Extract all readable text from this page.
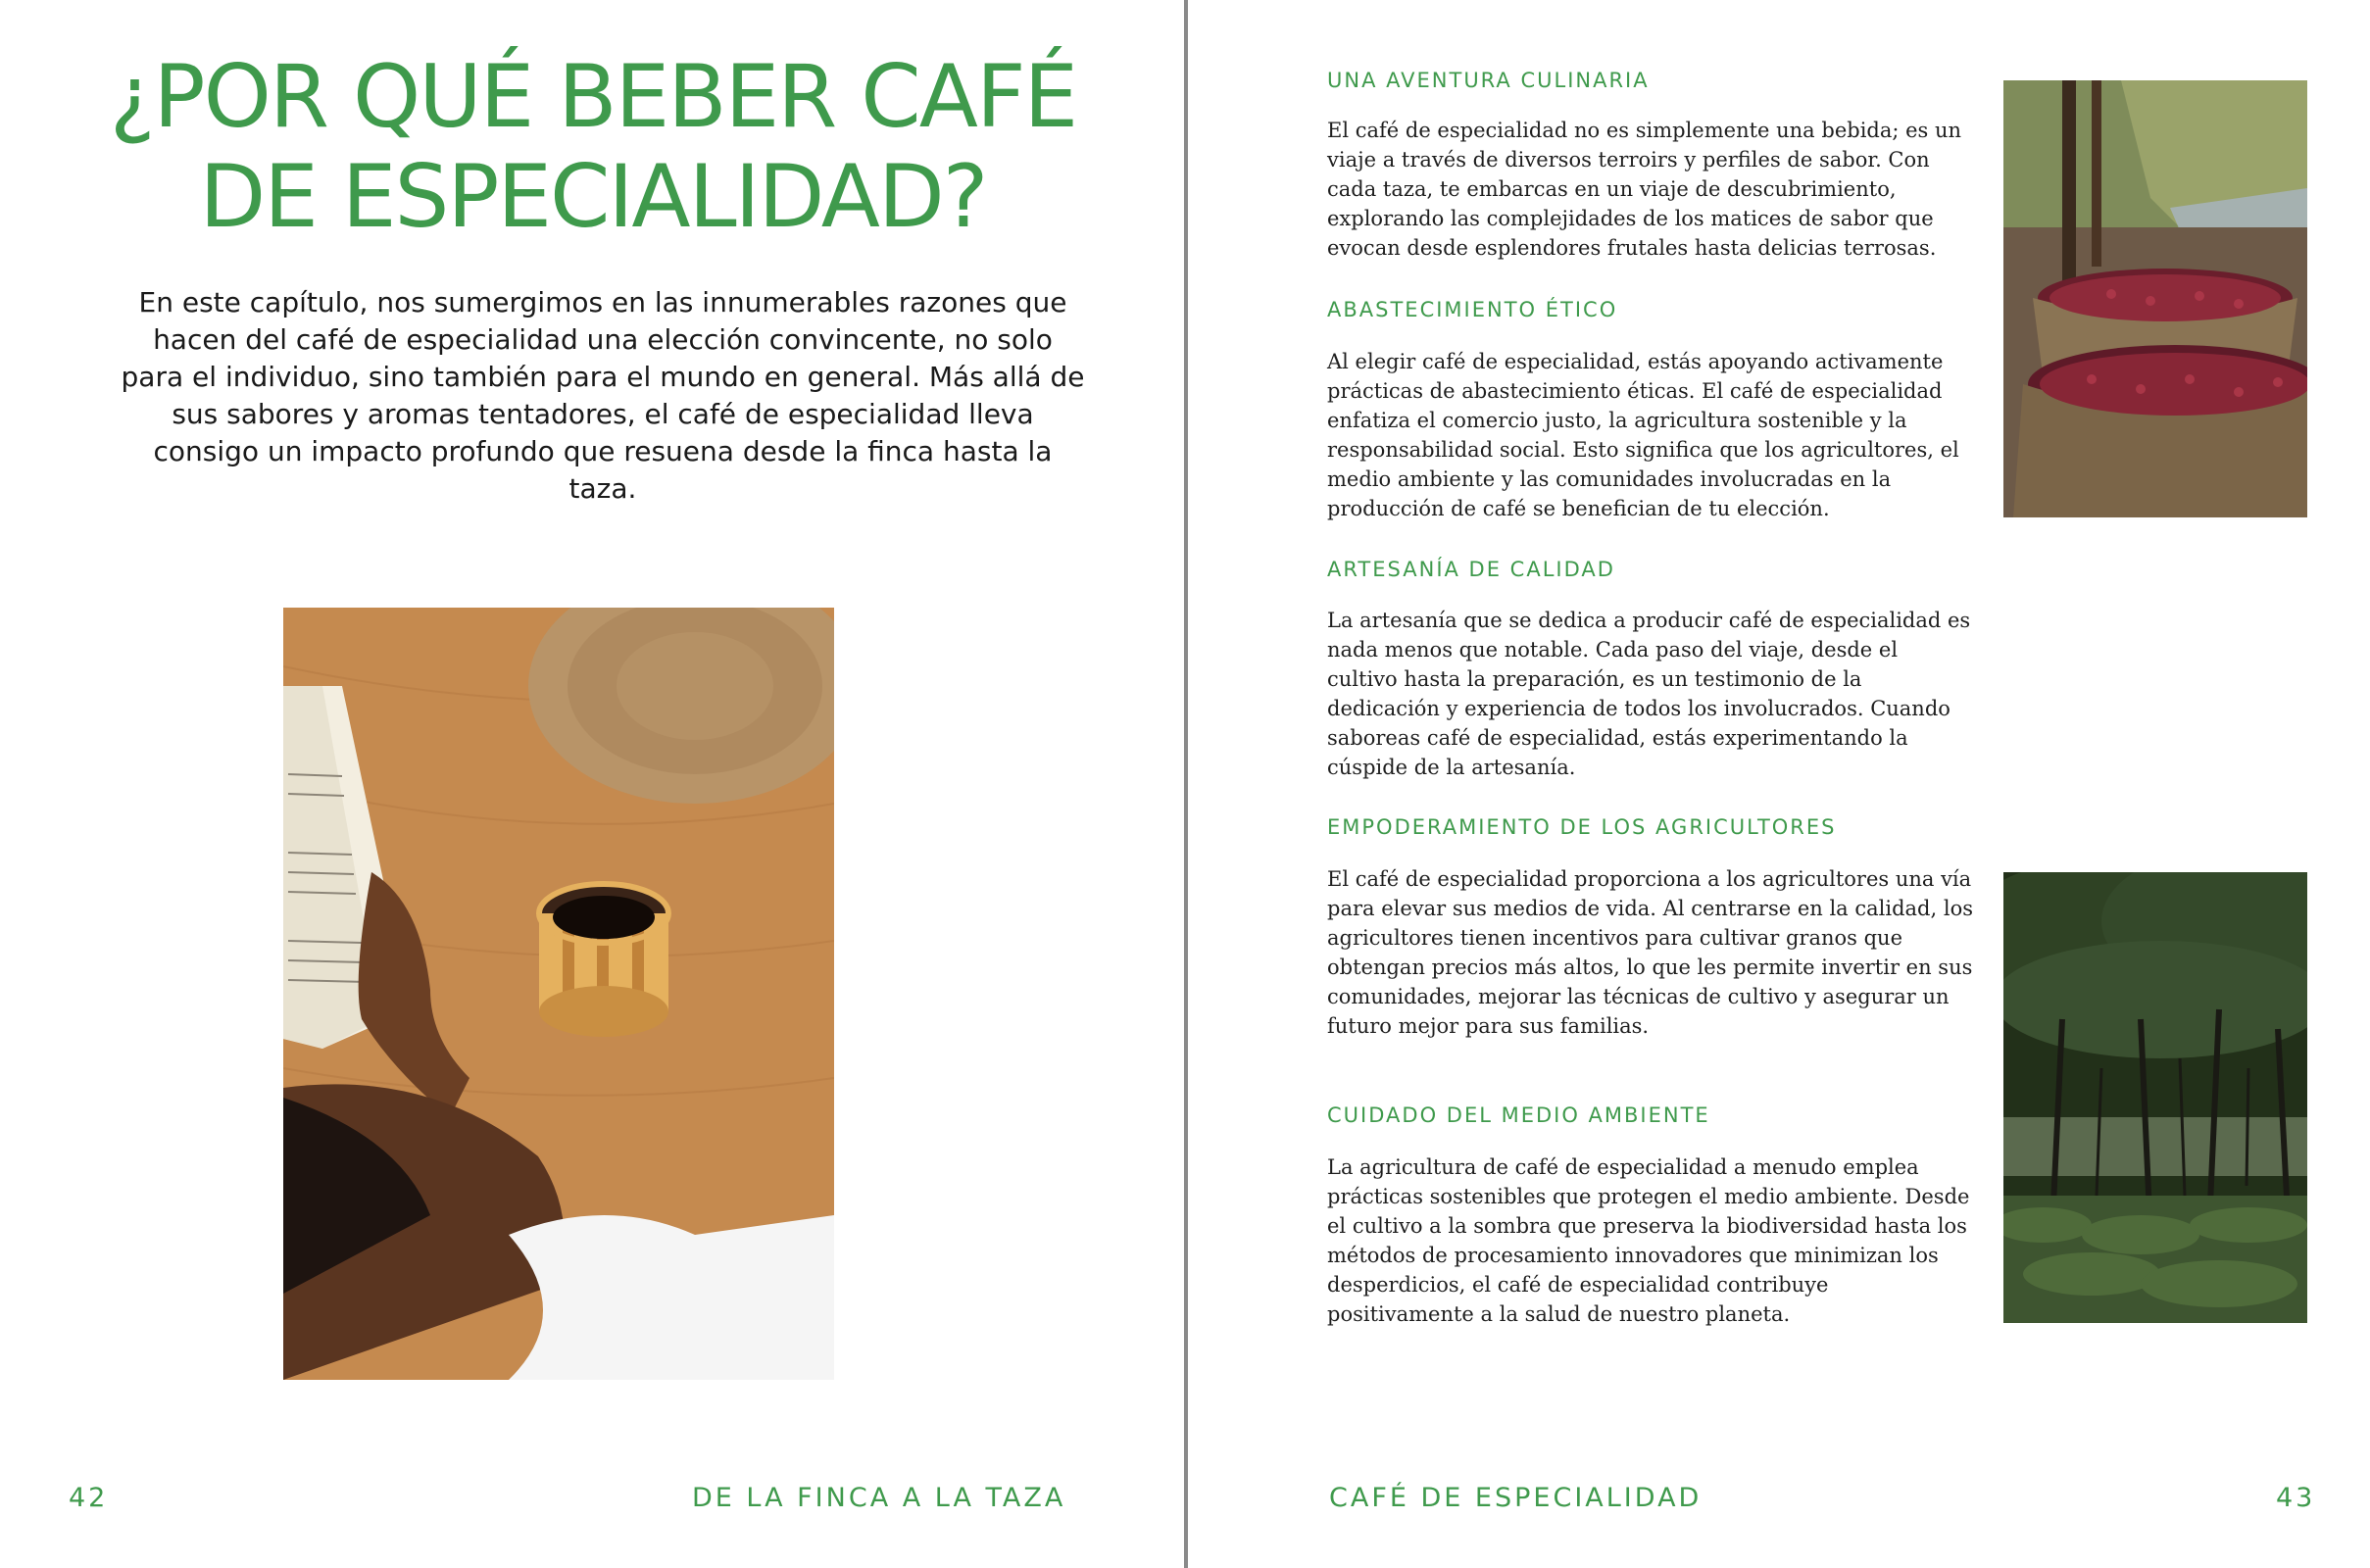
¿POR QUÉ BEBER CAFÉ DE ESPECIALIDAD?

En este capítulo, nos sumergimos en las innumerables razones que hacen del café de especialidad una elección convincente, no solo para el individuo, sino también para el mundo en general. Más allá de sus sabores y aromas tentadores, el café de especialidad lleva consigo un impacto profundo que resuena desde la finca hasta la taza.

42	DE LA FINCA A LA TAZA

UNA AVENTURA CULINARIA

El café de especialidad no es simplemente una bebida; es un viaje a través de diversos terroirs y perfiles de sabor. Con cada taza, te embarcas en un viaje de descubrimiento, explorando las complejidades de los matices de sabor que evocan desde esplendores frutales hasta delicias terrosas.

ABASTECIMIENTO ÉTICO

Al elegir café de especialidad, estás apoyando activamente prácticas de abastecimiento éticas. El café de especialidad enfatiza el comercio justo, la agricultura sostenible y la responsabilidad social. Esto significa que los agricultores, el medio ambiente y las comunidades involucradas en la producción de café se benefician de tu elección.

ARTESANÍA DE CALIDAD

La artesanía que se dedica a producir café de especialidad es nada menos que notable. Cada paso del viaje, desde el cultivo hasta la preparación, es un testimonio de la dedicación y experiencia de todos los involucrados. Cuando saboreas café de especialidad, estás experimentando la cúspide de la artesanía.

EMPODERAMIENTO DE LOS AGRICULTORES

El café de especialidad proporciona a los agricultores una vía para elevar sus medios de vida. Al centrarse en la calidad, los agricultores tienen incentivos para cultivar granos que obtengan precios más altos, lo que les permite invertir en sus comunidades, mejorar las técnicas de cultivo y asegurar un futuro mejor para sus familias.

CUIDADO DEL MEDIO AMBIENTE

La agricultura de café de especialidad a menudo emplea prácticas sostenibles que protegen el medio ambiente. Desde el cultivo a la sombra que preserva la biodiversidad hasta los métodos de procesamiento innovadores que minimizan los desperdicios, el café de especialidad contribuye positivamente a la salud de nuestro planeta.

CAFÉ DE ESPECIALIDAD	43
